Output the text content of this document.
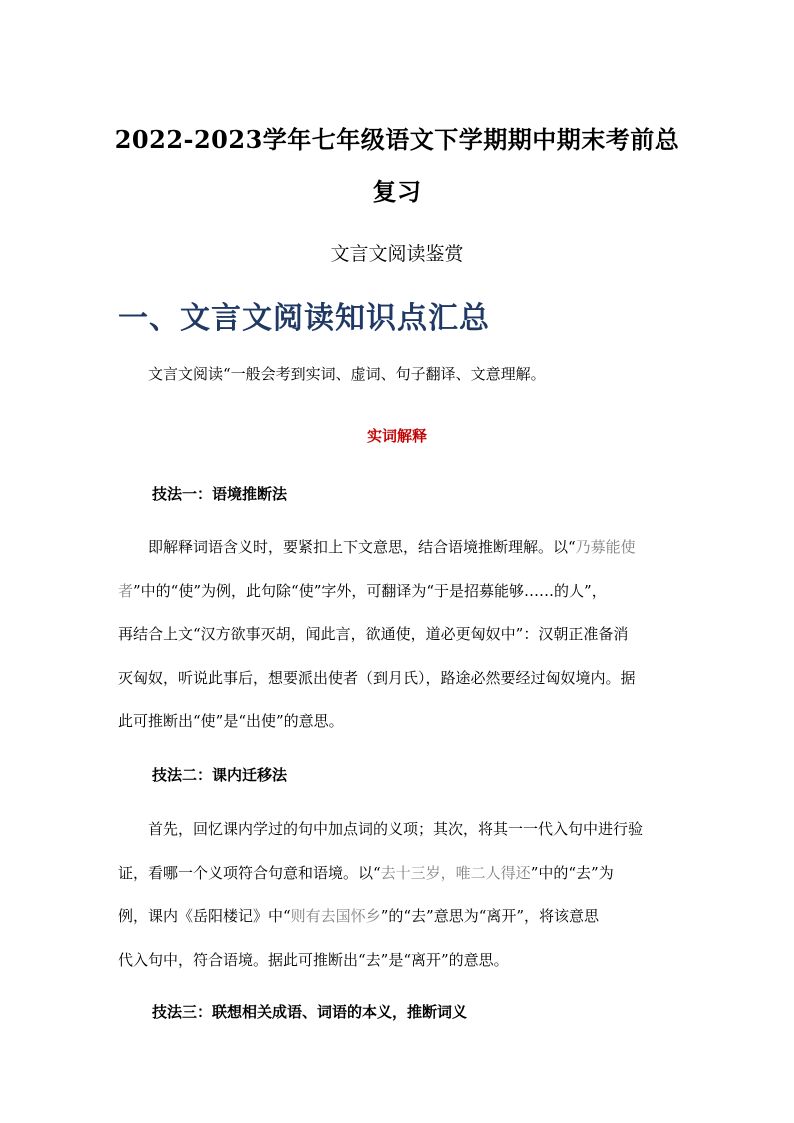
2022-2023学年七年级语文下学期期中期末考前总
复习
文言文阅读鉴赏
一、文言文阅读知识点汇总
文言文阅读“一般会考到实词、虚词、句子翻译、文意理解。
实词解释
技法一：语境推断法
即解释词语含义时，要紧扣上下文意思，结合语境推断理解。以“乃募能使
者”中的“使”为例，此句除“使”字外，可翻译为“于是招募能够……的人”，
再结合上文“汉方欲事灭胡，闻此言，欲通使，道必更匈奴中”：汉朝正准备消
灭匈奴，听说此事后，想要派出使者（到月氏），路途必然要经过匈奴境内。据
此可推断出“使”是“出使”的意思。
技法二：课内迁移法
首先，回忆课内学过的句中加点词的义项；其次，将其一一代入句中进行验
证，看哪一个义项符合句意和语境。以“去十三岁，唯二人得还”中的“去”为
例，课内《岳阳楼记》中“则有去国怀乡”的“去”意思为“离开”，将该意思
代入句中，符合语境。据此可推断出“去”是“离开”的意思。
技法三：联想相关成语、词语的本义，推断词义
